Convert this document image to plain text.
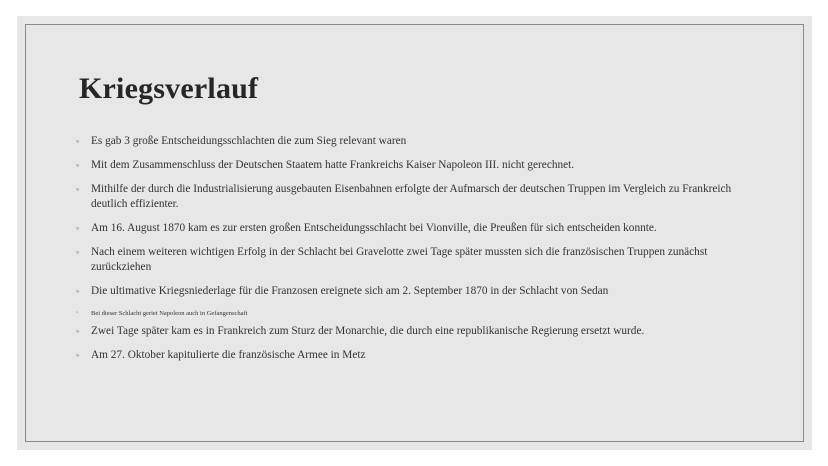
Kriegsverlauf
◦ Es gab 3 große Entscheidungsschlachten die zum Sieg relevant waren
◦ Mit dem Zusammenschluss der Deutschen Staatem hatte Frankreichs Kaiser Napoleon III. nicht gerechnet.
◦ Mithilfe der durch die Industrialisierung ausgebauten Eisenbahnen erfolgte der Aufmarsch der deutschen Truppen im Vergleich zu Frankreich deutlich effizienter.
◦ Am 16. August 1870 kam es zur ersten großen Entscheidungsschlacht bei Vionville, die Preußen für sich entscheiden konnte.
◦ Nach einem weiteren wichtigen Erfolg in der Schlacht bei Gravelotte zwei Tage später mussten sich die französischen Truppen zunächst zurückziehen
◦ Die ultimative Kriegsniederlage für die Franzosen ereignete sich am 2. September 1870 in der Schlacht von Sedan
◦ Bei dieser Schlacht geriet Napoleon auch in Gefangenschaft
◦ Zwei Tage später kam es in Frankreich zum Sturz der Monarchie, die durch eine republikanische Regierung ersetzt wurde.
◦ Am 27. Oktober kapitulierte die französische Armee in Metz
